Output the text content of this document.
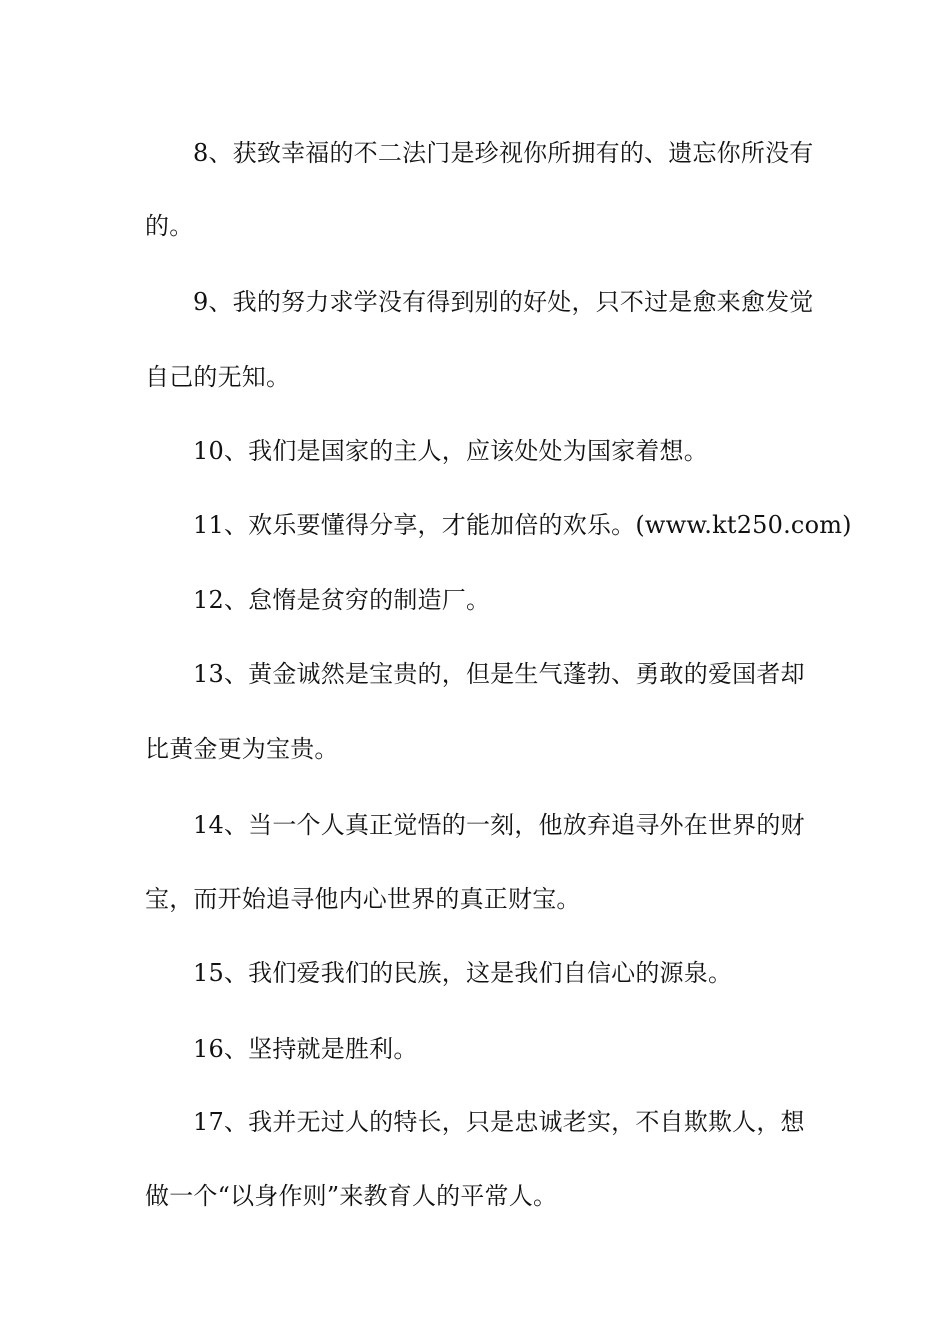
8、获致幸福的不二法门是珍视你所拥有的、遗忘你所没有
的。
9、我的努力求学没有得到别的好处，只不过是愈来愈发觉
自己的无知。
10、我们是国家的主人，应该处处为国家着想。
11、欢乐要懂得分享，才能加倍的欢乐。(www.kt250.com)
12、怠惰是贫穷的制造厂。
13、黄金诚然是宝贵的，但是生气蓬勃、勇敢的爱国者却
比黄金更为宝贵。
14、当一个人真正觉悟的一刻，他放弃追寻外在世界的财
宝，而开始追寻他内心世界的真正财宝。
15、我们爱我们的民族，这是我们自信心的源泉。
16、坚持就是胜利。
17、我并无过人的特长，只是忠诚老实，不自欺欺人，想
做一个“以身作则”来教育人的平常人。
